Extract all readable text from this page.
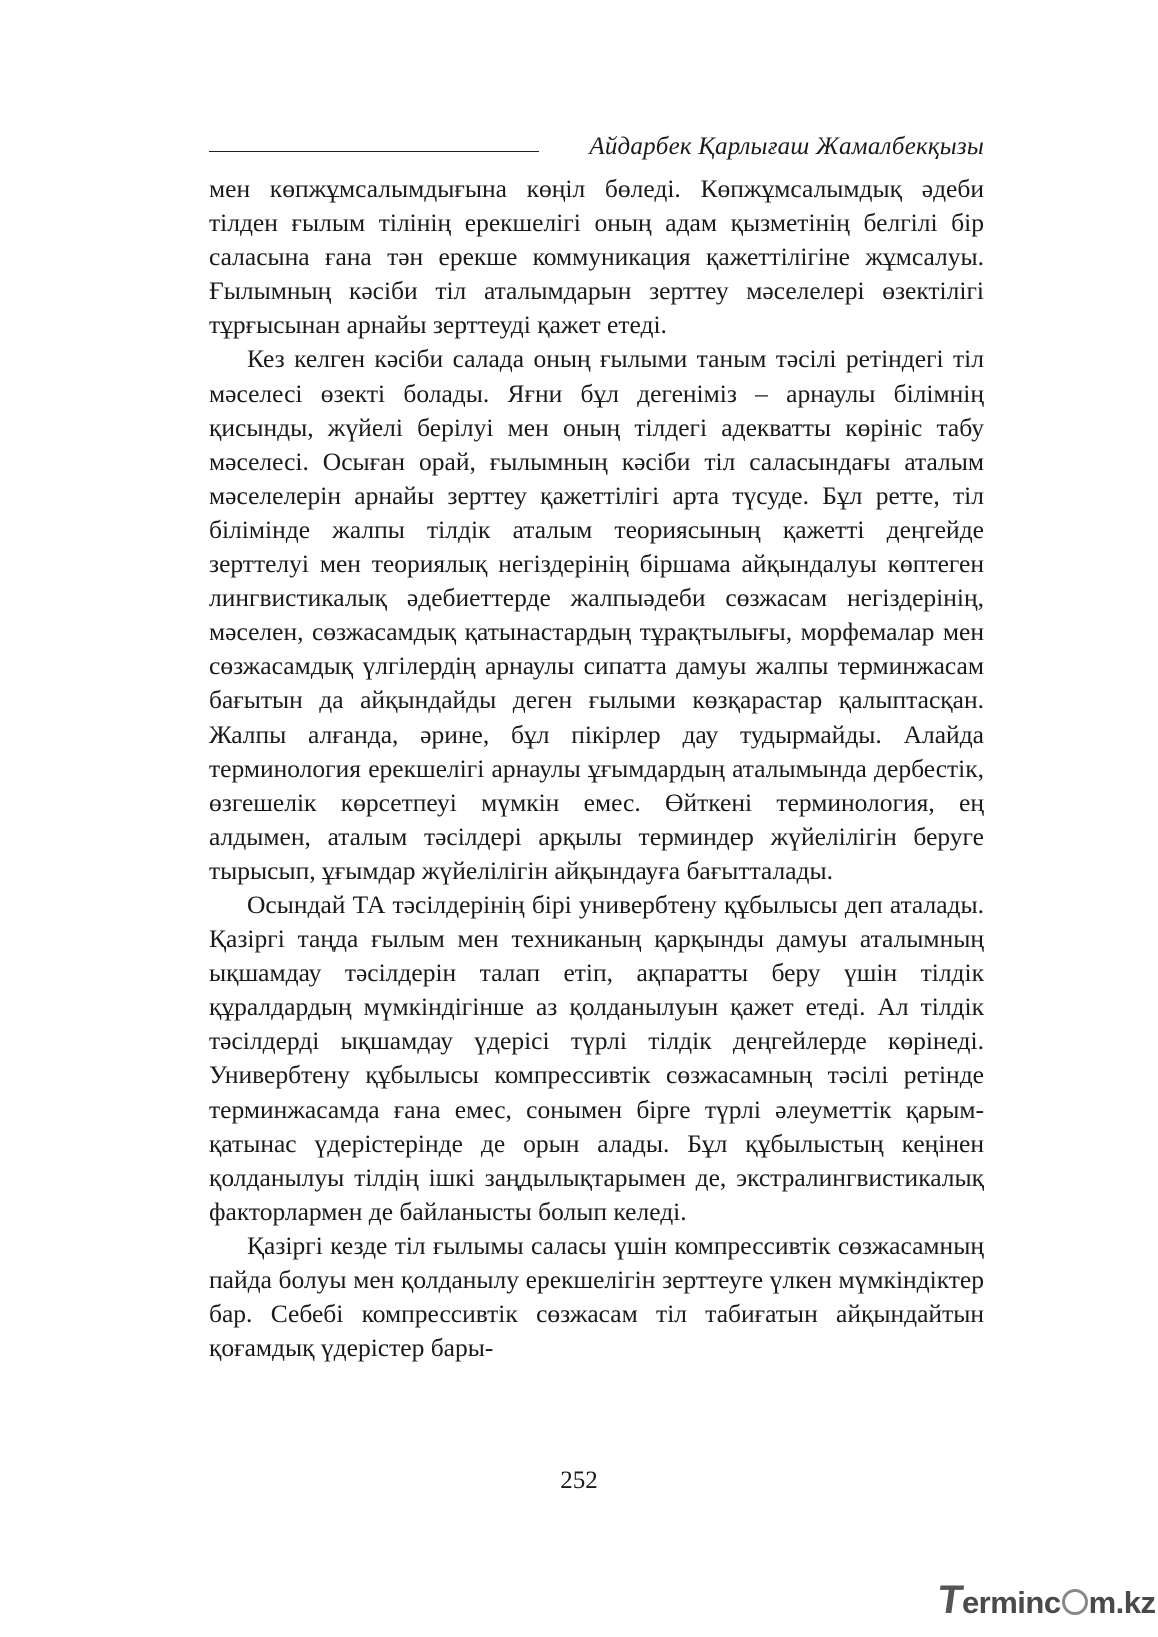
Айдарбек Қарлығаш Жамалбекқызы

мен көпжұмсалымдығына көңіл бөледі. Көпжұмсалымдық әдеби тілден ғылым тілінің ерекшелігі оның адам қызметінің белгілі бір саласына ғана тән ерекше коммуникация қажеттілігіне жұмсалуы. Ғылымның кәсіби тіл аталымдарын зерттеу мәселелері өзектілігі тұрғысынан арнайы зерттеуді қажет етеді.

Кез келген кәсіби салада оның ғылыми таным тәсілі ретіндегі тіл мәселесі өзекті болады. Яғни бұл дегеніміз – арнаулы білімнің қисынды, жүйелі берілуі мен оның тілдегі адекватты көрініс табу мәселесі. Осыған орай, ғылымның кәсіби тіл саласындағы аталым мәселелерін арнайы зерттеу қажеттілігі арта түсуде. Бұл ретте, тіл білімінде жалпы тілдік аталым теориясының қажетті деңгейде зерттелуі мен теориялық негіздерінің біршама айқындалуы көптеген лингвистикалық әдебиеттерде жалпыәдеби сөзжасам негіздерінің, мәселен, сөзжасамдық қатынастардың тұрақтылығы, морфемалар мен сөзжасамдық үлгілердің арнаулы сипатта дамуы жалпы терминжасам бағытын да айқындайды деген ғылыми көзқарастар қалыптасқан. Жалпы алғанда, әрине, бұл пікірлер дау тудырмайды. Алайда терминология ерекшелігі арнаулы ұғымдардың аталымында дербестік, өзгешелік көрсетпеуі мүмкін емес. Өйткені терминология, ең алдымен, аталым тәсілдері арқылы терминдер жүйелілігін беруге тырысып, ұғымдар жүйелілігін айқындауға бағытталады.

Осындай ТА тәсілдерінің бірі универбтену құбылысы деп аталады. Қазіргі таңда ғылым мен техниканың қарқынды дамуы аталымның ықшамдау тәсілдерін талап етіп, ақпаратты беру үшін тілдік құралдардың мүмкіндігінше аз қолданылуын қажет етеді. Ал тілдік тәсілдерді ықшамдау үдерісі түрлі тілдік деңгейлерде көрінеді. Универбтену құбылысы компрессивтік сөзжасамның тәсілі ретінде терминжасамда ғана емес, сонымен бірге түрлі әлеуметтік қарым-қатынас үдерістерінде де орын алады. Бұл құбылыстың кеңінен қолданылуы тілдің ішкі заңдылықтарымен де, экстралингвистикалық факторлармен де байланысты болып келеді.

Қазіргі кезде тіл ғылымы саласы үшін компрессивтік сөзжасамның пайда болуы мен қолданылу ерекшелігін зерттеуге үлкен мүмкіндіктер бар. Себебі компрессивтік сөзжасам тіл табиғатын айқындайтын қоғамдық үдерістер бары-

252
Terminc m.kz
